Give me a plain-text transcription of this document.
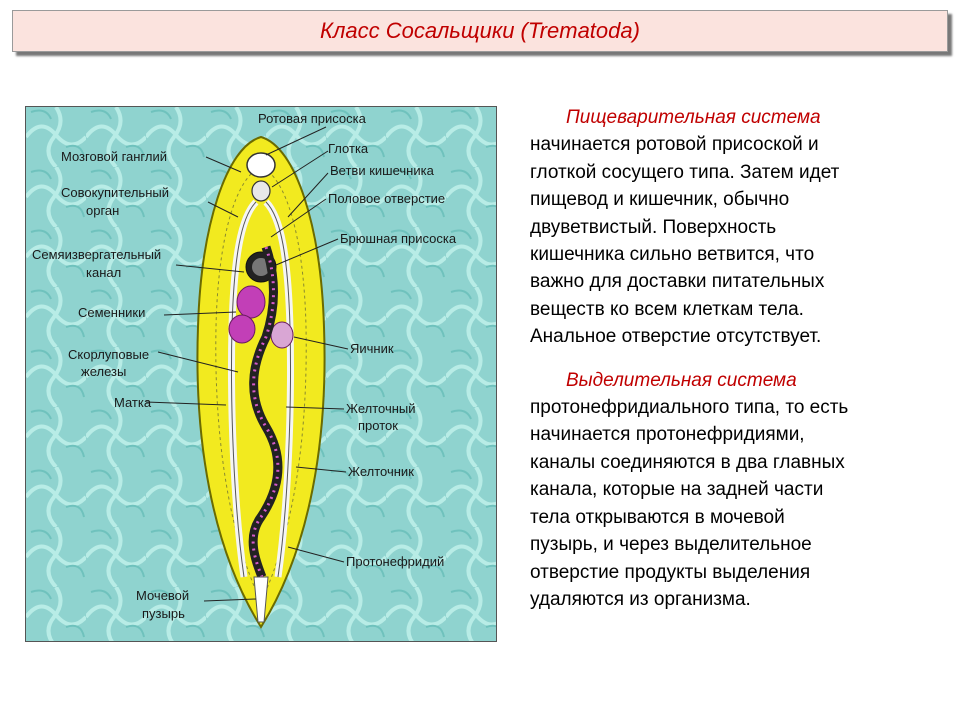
Класс Сосальщики (Trematoda)
Мозговой ганглий
Совокупительный
орган
Семяизвергательный
канал
Семенники
Скорлуповые
железы
Матка
Мочевой
пузырь
Ротовая присоска
Глотка
Ветви кишечника
Половое отверстие
Брюшная присоска
Яичник
Желточный
проток
Желточник
Протонефридий
Пищеварительная система
начинается ротовой присоской и
глоткой сосущего типа. Затем идет
пищевод и кишечник, обычно
двуветвистый. Поверхность
кишечника сильно ветвится, что
важно для доставки питательных
веществ ко всем клеткам тела.
Анальное отверстие отсутствует.
Выделительная система
протонефридиального типа, то есть
начинается протонефридиями,
каналы соединяются в два главных
канала, которые на задней части
тела открываются в мочевой
пузырь, и через выделительное
отверстие продукты выделения
удаляются из организма.
